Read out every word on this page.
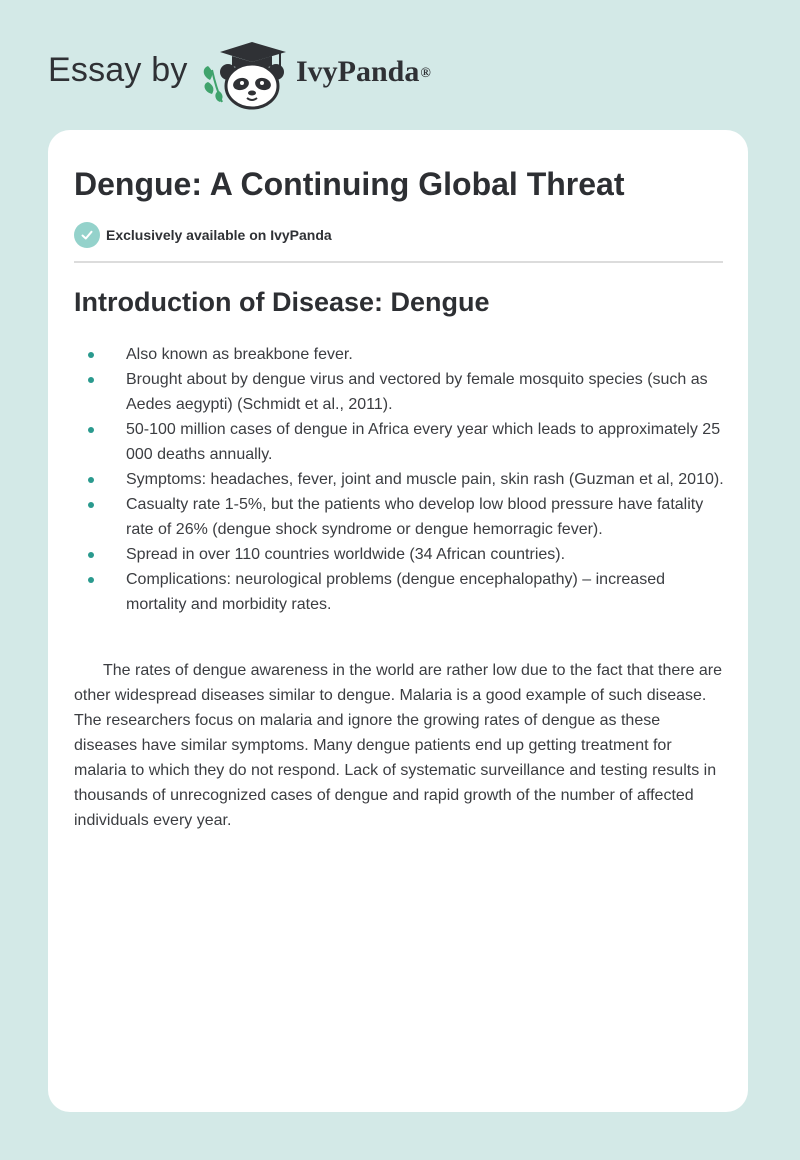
Essay by	IvyPanda®
Dengue: A Continuing Global Threat
Exclusively available on IvyPanda
Introduction of Disease: Dengue
Also known as breakbone fever.
Brought about by dengue virus and vectored by female mosquito species (such as Aedes aegypti) (Schmidt et al., 2011).
50-100 million cases of dengue in Africa every year which leads to approximately 25 000 deaths annually.
Symptoms: headaches, fever, joint and muscle pain, skin rash (Guzman et al, 2010).
Casualty rate 1-5%, but the patients who develop low blood pressure have fatality rate of 26% (dengue shock syndrome or dengue hemorragic fever).
Spread in over 110 countries worldwide (34 African countries).
Complications: neurological problems (dengue encephalopathy) – increased mortality and morbidity rates.

The rates of dengue awareness in the world are rather low due to the fact that there are other widespread diseases similar to dengue. Malaria is a good example of such disease. The researchers focus on malaria and ignore the growing rates of dengue as these diseases have similar symptoms. Many dengue patients end up getting treatment for malaria to which they do not respond. Lack of systematic surveillance and testing results in thousands of unrecognized cases of dengue and rapid growth of the number of affected individuals every year.
